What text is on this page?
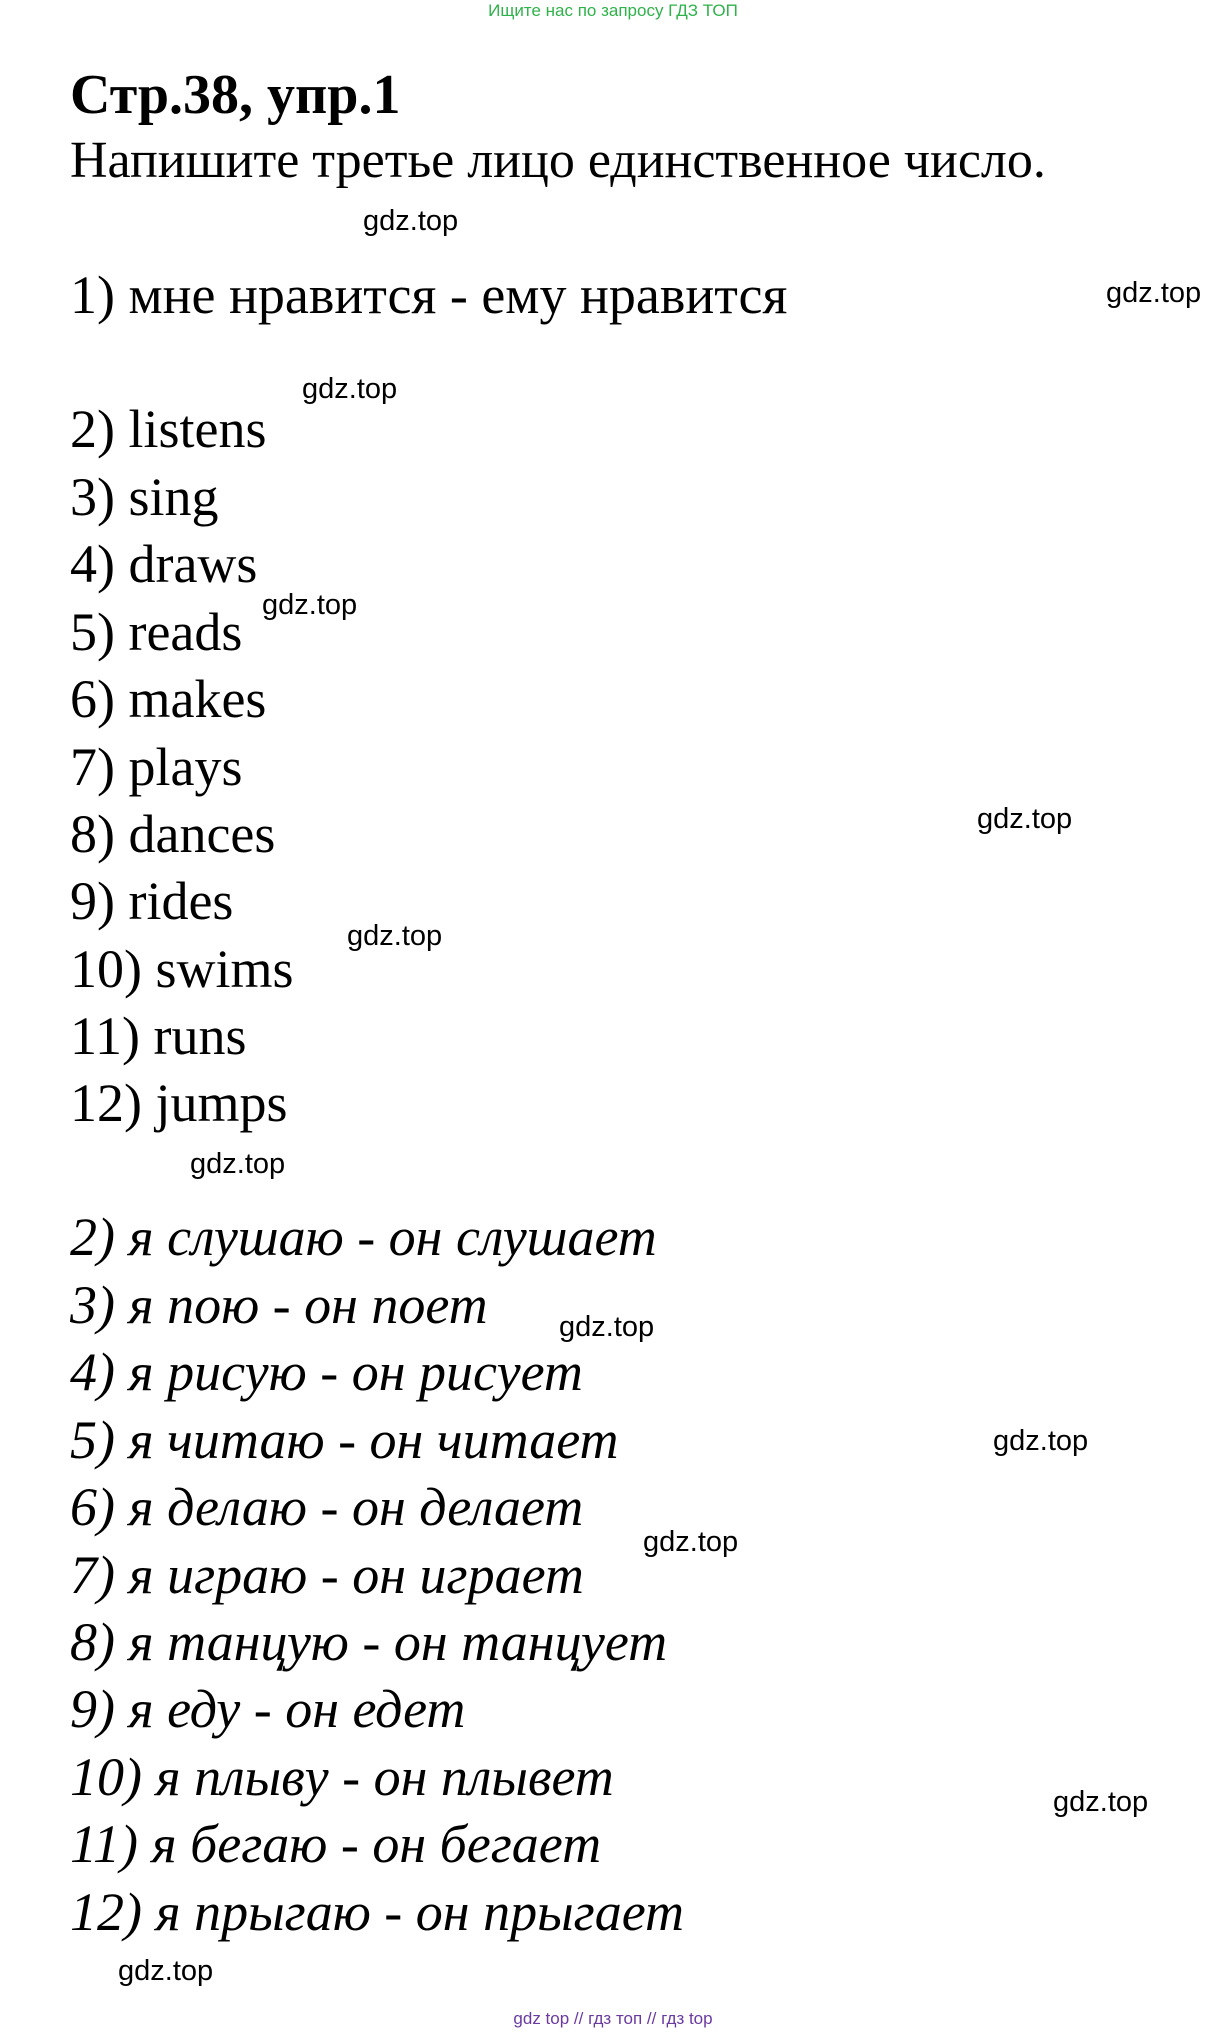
Ищите нас по запросу ГДЗ ТОП
Стр.38, упр.1

Напишите третье лицо единственное число.

1) мне нравится - ему нравится

2) listens

3) sing

4) draws

5) reads

6) makes

7) plays

8) dances

9) rides

10) swims

11) runs

12) jumps

2) я слушаю - он слушает

3) я пою - он поет

4) я рисую - он рисует

5) я читаю - он читает

6) я делаю - он делает

7) я играю - он играет

8) я танцую - он танцует

9) я еду - он едет

10) я плыву - он плывет

11) я бегаю - он бегает

12) я прыгаю - он прыгает

gdz.top
gdz.top
gdz.top
gdz.top
gdz.top
gdz.top
gdz.top
gdz.top
gdz.top
gdz.top
gdz.top
gdz.top
gdz top // гдз топ // гдз top
